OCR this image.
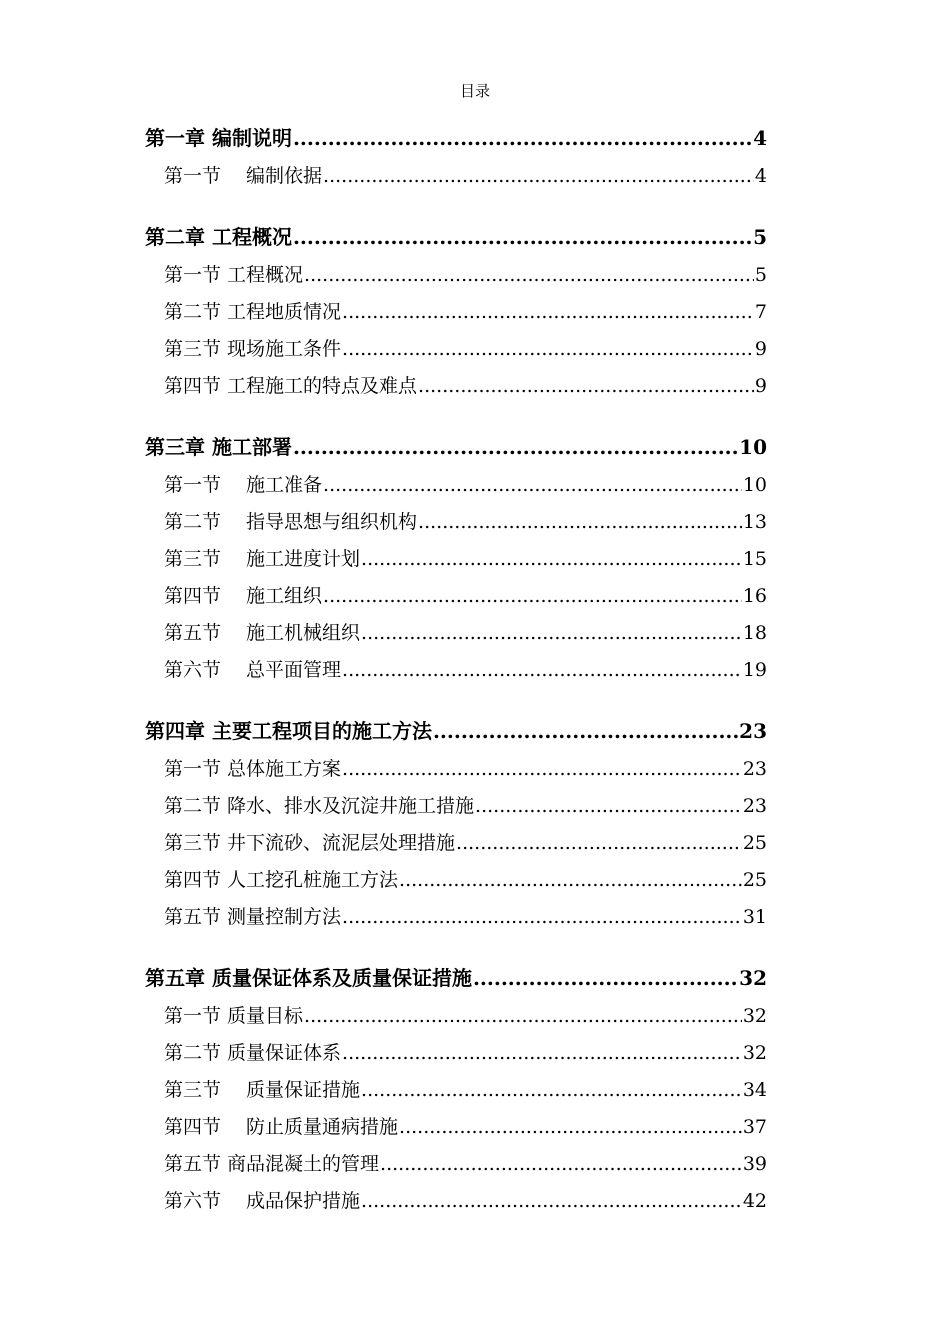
目录
第一章 编制说明 .....	4
第一节　 编制依据 .....	4
第二章 工程概况 .....	5
第一节 工程概况 .....	5
第二节 工程地质情况 .....	7
第三节 现场施工条件 .....	9
第四节 工程施工的特点及难点 .....	9
第三章 施工部署 .....	10
第一节　 施工准备 .....	10
第二节　 指导思想与组织机构 .....	13
第三节　 施工进度计划 .....	15
第四节　 施工组织 .....	16
第五节　 施工机械组织 .....	18
第六节　 总平面管理 .....	19
第四章 主要工程项目的施工方法 .....	23
第一节 总体施工方案 .....	23
第二节 降水、排水及沉淀井施工措施 .....	23
第三节 井下流砂、流泥层处理措施 .....	25
第四节 人工挖孔桩施工方法 .....	25
第五节 测量控制方法 .....	31
第五章 质量保证体系及质量保证措施 .....	32
第一节 质量目标 .....	32
第二节 质量保证体系 .....	32
第三节　 质量保证措施 .....	34
第四节　 防止质量通病措施 .....	37
第五节 商品混凝土的管理 .....	39
第六节　 成品保护措施 .....	42
